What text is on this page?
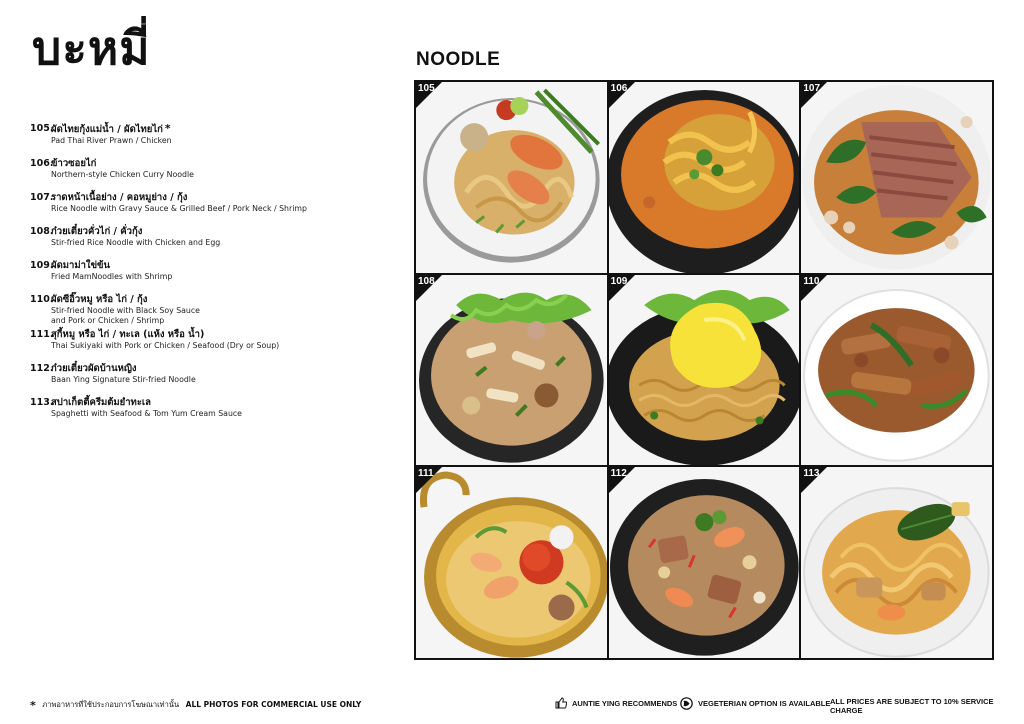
บะหมี่
105.
ผัดไทยกุ้งแม่น้ำ / ผัดไทยไก่ *
Pad Thai River Prawn / Chicken
106.
ข้าวซอยไก่
Northern-style Chicken Curry Noodle
107.
ราดหน้าเนื้อย่าง / คอหมูย่าง / กุ้ง
Rice Noodle with Gravy Sauce & Grilled Beef / Pork Neck / Shrimp
108.
ก๋วยเตี๋ยวคั่วไก่ / คั่วกุ้ง
Stir-fried Rice Noodle with Chicken and Egg
109.
ผัดมาม่าใข่ข้น
Fried MamNoodles with Shrimp
110.
ผัดซีอิ๊วหมู หรือ ไก่ / กุ้ง
Stir-fried Noodle with Black Soy Sauce
and Pork or Chicken / Shrimp
111.
สุกี้หมู หรือ ไก่ / ทะเล (แห้ง หรือ น้ำ)
Thai Sukiyaki with Pork or Chicken / Seafood (Dry or Soup)
112.
ก๋วยเตี๋ยวผัดบ้านหญิง
Baan Ying Signature Stir-fried Noodle
113.
สปาเก็ตตี้ครีมต้มยำทะเล
Spaghetti with Seafood & Tom Yum Cream Sauce
NOODLE
105	106	107
108	109	110
111	112	113
* ภาพอาหารที่ใช้ประกอบการโฆษณาเท่านั้น ALL PHOTOS FOR COMMERCIAL USE ONLY	AUNTIE YING RECOMMENDS	VEGETERIAN OPTION IS AVAILABLE ALL PRICES ARE SUBJECT TO 10% SERVICE CHARGE
